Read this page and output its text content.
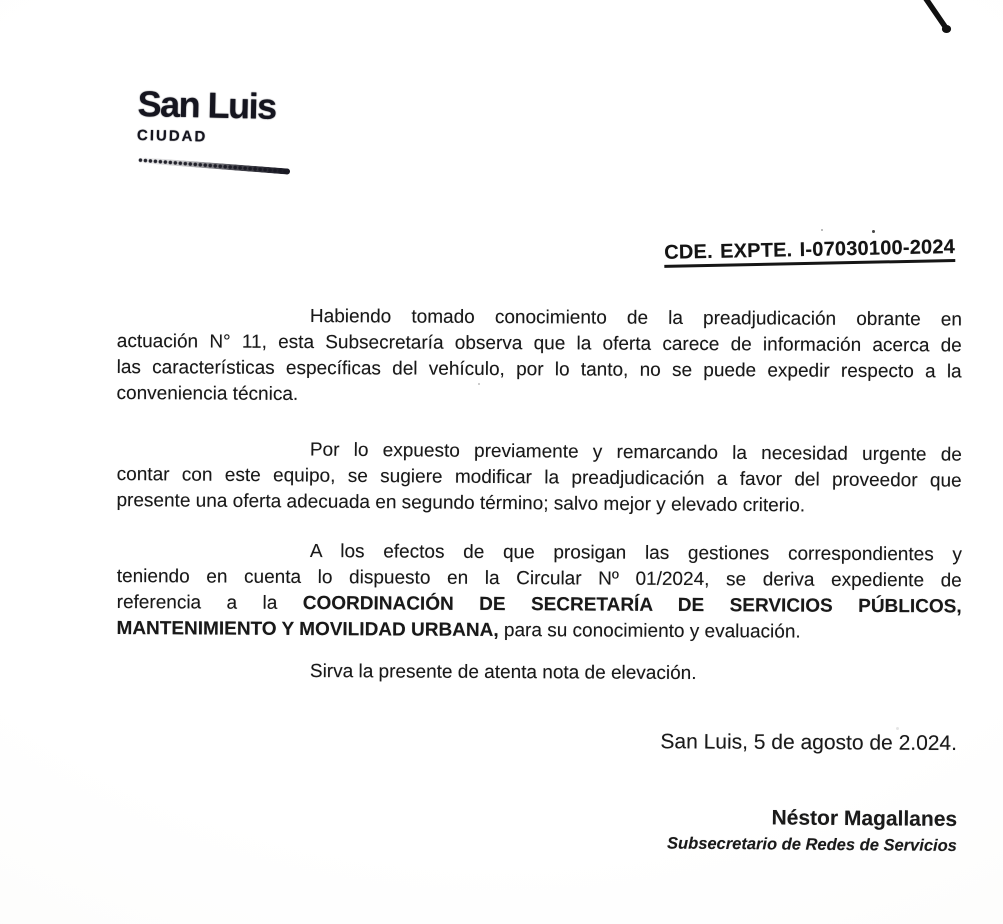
San Luis
CIUDAD
CDE. EXPTE. I-07030100-2024
Habiendo tomado conocimiento de la preadjudicación obrante en
actuación N° 11, esta Subsecretaría observa que la oferta carece de información acerca de
las características específicas del vehículo, por lo tanto, no se puede expedir respecto a la
conveniencia técnica.
Por lo expuesto previamente y remarcando la necesidad urgente de
contar con este equipo, se sugiere modificar la preadjudicación a favor del proveedor que
presente una oferta adecuada en segundo término; salvo mejor y elevado criterio.
A los efectos de que prosigan las gestiones correspondientes y
teniendo en cuenta lo dispuesto en la Circular Nº 01/2024, se deriva expediente de
referencia a la COORDINACIÓN DE SECRETARÍA DE SERVICIOS PÚBLICOS,
MANTENIMIENTO Y MOVILIDAD URBANA, para su conocimiento y evaluación.
Sirva la presente de atenta nota de elevación.
San Luis, 5 de agosto de 2.024.
Néstor Magallanes
Subsecretario de Redes de Servicios
